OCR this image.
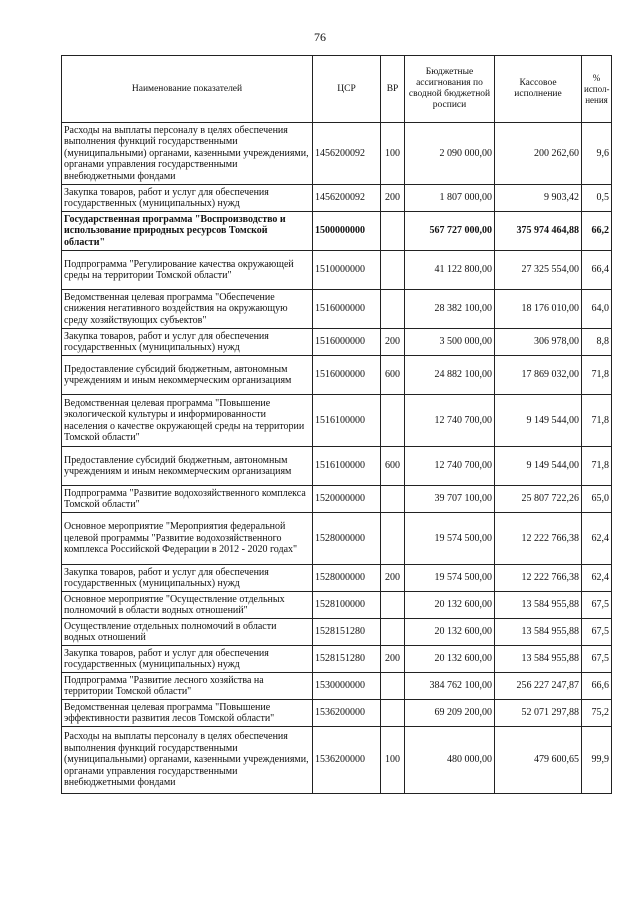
76
Наименование показателей	ЦСР	ВР	Бюджетные ассигнования по сводной бюджетной росписи	Кассовое исполнение	% испол-нения
Расходы на выплаты персоналу в целях обеспечения выполнения функций государственными (муниципальными) органами, казенными учреждениями, органами управления государственными внебюджетными фондами	1456200092	100	2 090 000,00	200 262,60	9,6
Закупка товаров, работ и услуг для обеспечения государственных (муниципальных) нужд	1456200092	200	1 807 000,00	9 903,42	0,5
Государственная программа "Воспроизводство и использование природных ресурсов Томской области"	1500000000		567 727 000,00	375 974 464,88	66,2
Подпрограмма "Регулирование качества окружающей среды на территории Томской области"	1510000000		41 122 800,00	27 325 554,00	66,4
Ведомственная целевая программа "Обеспечение снижения негативного воздействия на окружающую среду хозяйствующих субъектов"	1516000000		28 382 100,00	18 176 010,00	64,0
Закупка товаров, работ и услуг для обеспечения государственных (муниципальных) нужд	1516000000	200	3 500 000,00	306 978,00	8,8
Предоставление субсидий бюджетным, автономным учреждениям и иным некоммерческим организациям	1516000000	600	24 882 100,00	17 869 032,00	71,8
Ведомственная целевая программа "Повышение экологической культуры и информированности населения о качестве окружающей среды на территории Томской области"	1516100000		12 740 700,00	9 149 544,00	71,8
Предоставление субсидий бюджетным, автономным учреждениям и иным некоммерческим организациям	1516100000	600	12 740 700,00	9 149 544,00	71,8
Подпрограмма "Развитие водохозяйственного комплекса Томской области"	1520000000		39 707 100,00	25 807 722,26	65,0
Основное мероприятие "Мероприятия федеральной целевой программы "Развитие водохозяйственного комплекса Российской Федерации в 2012 - 2020 годах"	1528000000		19 574 500,00	12 222 766,38	62,4
Закупка товаров, работ и услуг для обеспечения государственных (муниципальных) нужд	1528000000	200	19 574 500,00	12 222 766,38	62,4
Основное мероприятие "Осуществление отдельных полномочий в области водных отношений"	1528100000		20 132 600,00	13 584 955,88	67,5
Осуществление отдельных полномочий в области водных отношений	1528151280		20 132 600,00	13 584 955,88	67,5
Закупка товаров, работ и услуг для обеспечения государственных (муниципальных) нужд	1528151280	200	20 132 600,00	13 584 955,88	67,5
Подпрограмма "Развитие лесного хозяйства на территории Томской области"	1530000000		384 762 100,00	256 227 247,87	66,6
Ведомственная целевая программа "Повышение эффективности развития лесов Томской области"	1536200000		69 209 200,00	52 071 297,88	75,2
Расходы на выплаты персоналу в целях обеспечения выполнения функций государственными (муниципальными) органами, казенными учреждениями, органами управления государственными внебюджетными фондами	1536200000	100	480 000,00	479 600,65	99,9
